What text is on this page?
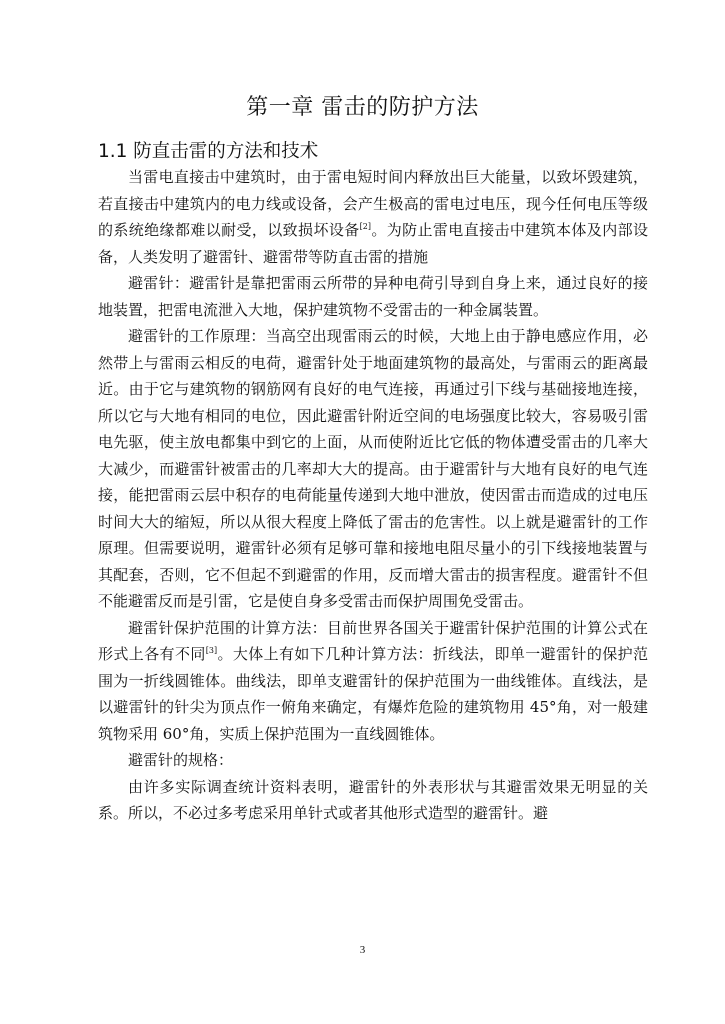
第一章 雷击的防护方法
1.1 防直击雷的方法和技术

当雷电直接击中建筑时，由于雷电短时间内释放出巨大能量，以致坏毁建筑，若直接击中建筑内的电力线或设备，会产生极高的雷电过电压，现今任何电压等级的系统绝缘都难以耐受，以致损坏设备[2]。为防止雷电直接击中建筑本体及内部设备，人类发明了避雷针、避雷带等防直击雷的措施

避雷针：避雷针是靠把雷雨云所带的异种电荷引导到自身上来，通过良好的接地装置，把雷电流泄入大地，保护建筑物不受雷击的一种金属装置。

避雷针的工作原理：当高空出现雷雨云的时候，大地上由于静电感应作用，必然带上与雷雨云相反的电荷，避雷针处于地面建筑物的最高处，与雷雨云的距离最近。由于它与建筑物的钢筋网有良好的电气连接，再通过引下线与基础接地连接，所以它与大地有相同的电位，因此避雷针附近空间的电场强度比较大，容易吸引雷电先驱，使主放电都集中到它的上面，从而使附近比它低的物体遭受雷击的几率大大减少，而避雷针被雷击的几率却大大的提高。由于避雷针与大地有良好的电气连接，能把雷雨云层中积存的电荷能量传递到大地中泄放，使因雷击而造成的过电压时间大大的缩短，所以从很大程度上降低了雷击的危害性。以上就是避雷针的工作原理。但需要说明，避雷针必须有足够可靠和接地电阻尽量小的引下线接地装置与其配套，否则，它不但起不到避雷的作用，反而增大雷击的损害程度。避雷针不但不能避雷反而是引雷，它是使自身多受雷击而保护周围免受雷击。

避雷针保护范围的计算方法：目前世界各国关于避雷针保护范围的计算公式在形式上各有不同[3]。大体上有如下几种计算方法：折线法，即单一避雷针的保护范围为一折线圆锥体。曲线法，即单支避雷针的保护范围为一曲线锥体。直线法，是以避雷针的针尖为顶点作一俯角来确定，有爆炸危险的建筑物用 45°角，对一般建筑物采用 60°角，实质上保护范围为一直线圆锥体。

避雷针的规格：

由许多实际调查统计资料表明，避雷针的外表形状与其避雷效果无明显的关系。所以，不必过多考虑采用单针式或者其他形式造型的避雷针。避

3
